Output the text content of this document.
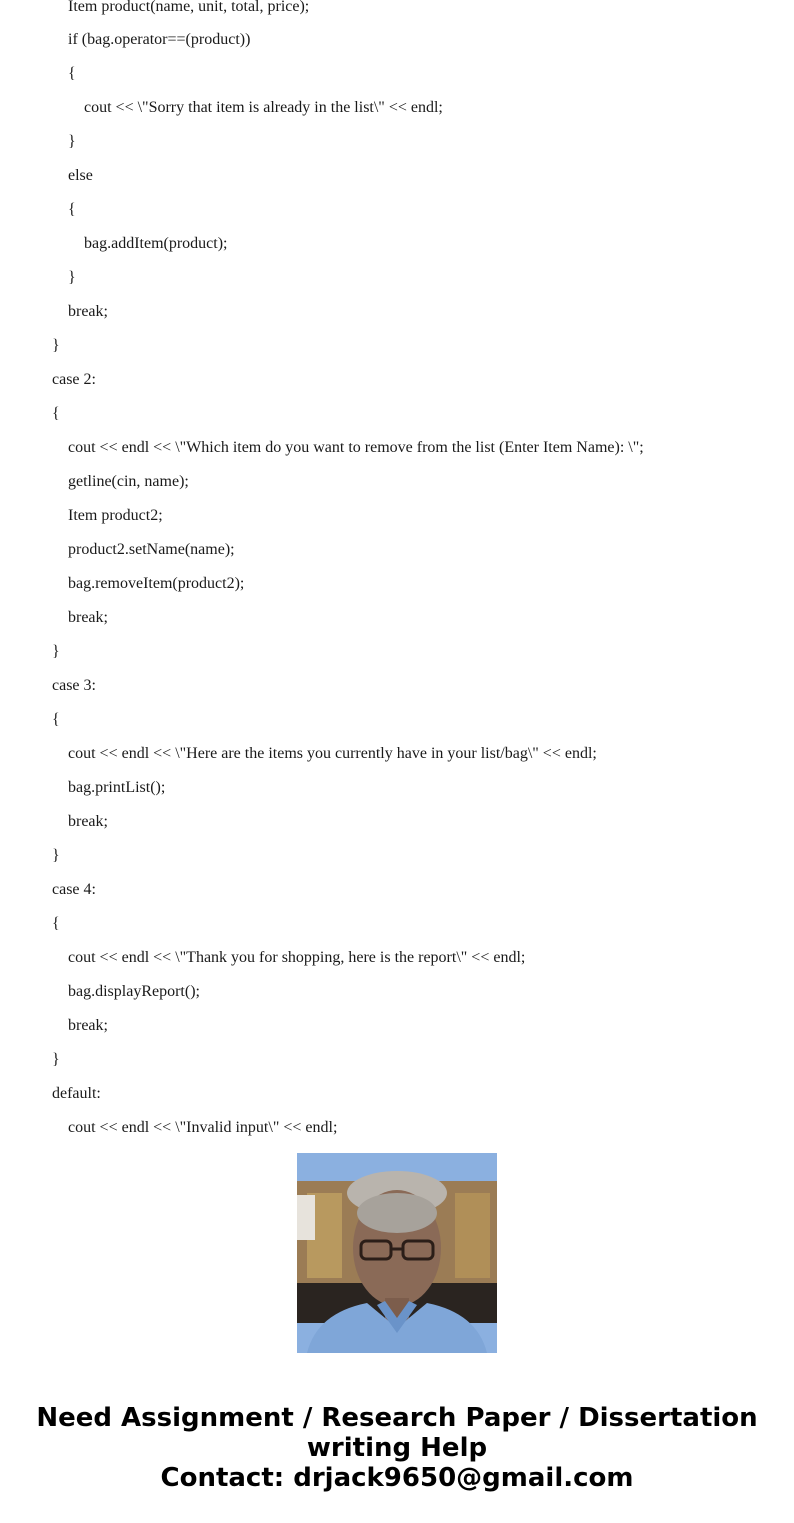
Item product(name, unit, total, price);
if (bag.operator==(product))
{
cout << \"Sorry that item is already in the list\" << endl;
}
else
{
bag.addItem(product);
}
break;
}
case 2:
{
cout << endl << \"Which item do you want to remove from the list (Enter Item Name): \";
getline(cin, name);
Item product2;
product2.setName(name);
bag.removeItem(product2);
break;
}
case 3:
{
cout << endl << \"Here are the items you currently have in your list/bag\" << endl;
bag.printList();
break;
}
case 4:
{
cout << endl << \"Thank you for shopping, here is the report\" << endl;
bag.displayReport();
break;
}
default:
cout << endl << \"Invalid input\" << endl;
Need Assignment / Research Paper / Dissertation
writing Help
Contact: drjack9650@gmail.com
